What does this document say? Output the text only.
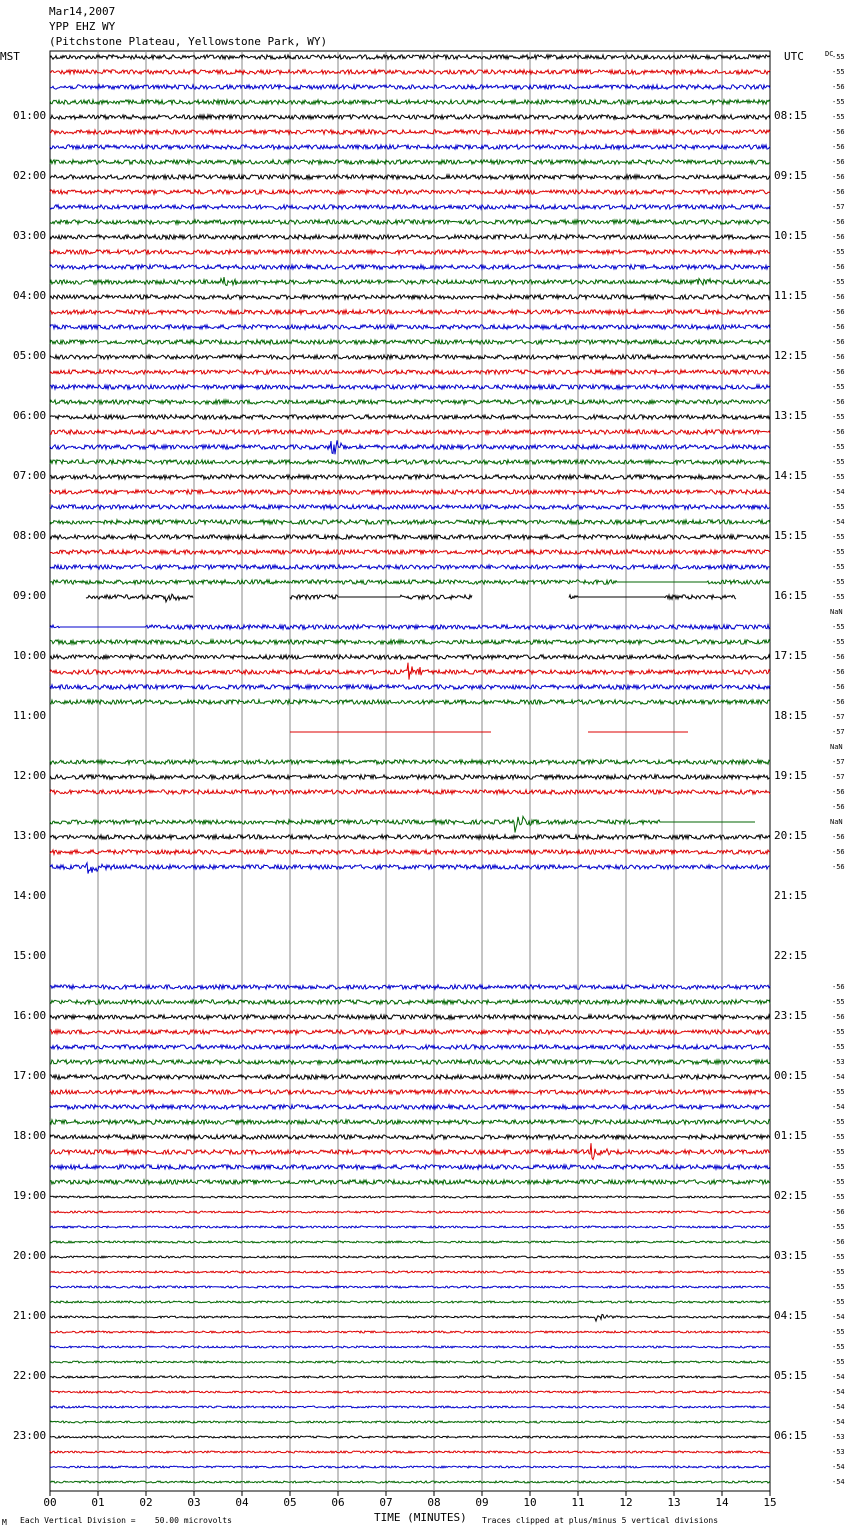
Mar14,2007
YPP EHZ WY
(Pitchstone Plateau, Yellowstone Park, WY)
MST	UTC	DC
00	01	02	03	04	05	06	07	08	09	10	11	12	13	14	15
-55
-55
-56
-55
01:00	08:15	-55
-56
-56
-56
02:00	09:15	-56
-56
-57
-56
03:00	10:15	-56
-55
-56
-55
04:00	11:15	-56
-56
-56
-56
05:00	12:15	-56
-56
-55
-56
06:00	13:15	-55
-56
-55
-55
07:00	14:15	-55
-54
-55
-54
08:00	15:15	-55
-55
-55
-55
09:00	16:15	-55
NaN
-55
-55
10:00	17:15	-56
-56
-56
-56
11:00	18:15	-57
-57
NaN
-57
12:00	19:15	-57
-56
-56
NaN
13:00	20:15	-56
-56
-56
14:00	21:15
15:00	22:15
-56
-55
16:00	23:15	-56
-55
-55
-53
17:00	00:15	-54
-55
-54
-55
18:00	01:15	-55
-55
-55
-55
19:00	02:15	-55
-56
-55
-56
20:00	03:15	-55
-55
-55
-55
21:00	04:15	-54
-55
-55
-55
22:00	05:15	-54
-54
-54
-54
23:00	06:15	-53
-53
-54
-54
TIME (MINUTES)
M Each Vertical Division =    50.00 microvolts	Traces clipped at plus/minus 5 vertical divisions
